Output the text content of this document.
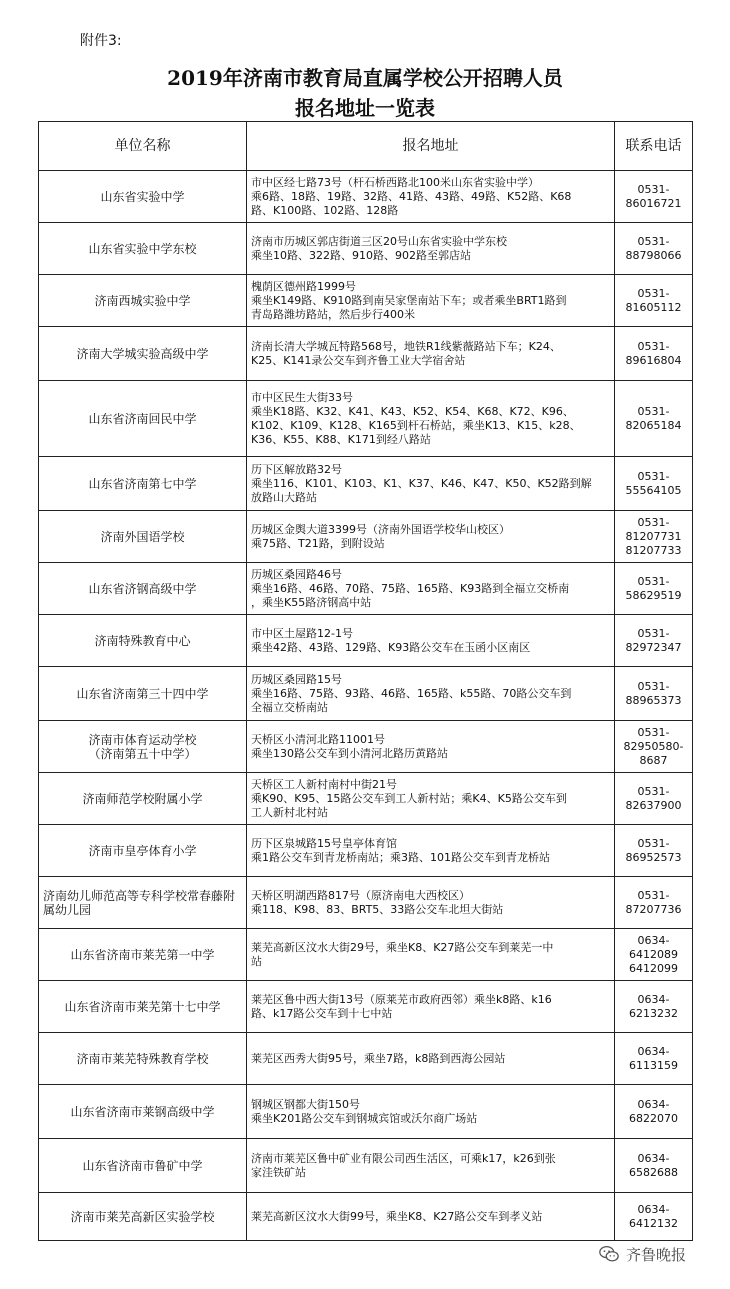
附件3:
2019年济南市教育局直属学校公开招聘人员
报名地址一览表
单位名称	报名地址	联系电话
山东省实验中学	市中区经七路73号（杆石桥西路北100米山东省实验中学）
乘6路、18路、19路、32路、41路、43路、49路、K52路、K68
路、K100路、102路、128路	0531-
86016721

山东省实验中学东校	济南市历城区郭店街道三区20号山东省实验中学东校
乘坐10路、322路、910路、902路至郭店站	0531-
88798066

济南西城实验中学	槐荫区德州路1999号
乘坐K149路、K910路到南吴家堡南站下车；或者乘坐BRT1路到
青岛路潍坊路站，然后步行400米	0531-
81605112

济南大学城实验高级中学	济南长清大学城瓦特路568号，地铁R1线紫薇路站下车；K24、
K25、K141录公交车到齐鲁工业大学宿舍站	0531-
89616804

山东省济南回民中学	市中区民生大街33号
乘坐K18路、K32、K41、K43、K52、K54、K68、K72、K96、
K102、K109、K128、K165到杆石桥站，乘坐K13、K15、k28、
K36、K55、K88、K171到经八路站	0531-
82065184

山东省济南第七中学	历下区解放路32号
乘坐116、K101、K103、K1、K37、K46、K47、K50、K52路到解
放路山大路站	0531-
55564105

济南外国语学校	历城区金舆大道3399号（济南外国语学校华山校区）
乘75路、T21路，到附设站	0531-
81207731
81207733

山东省济钢高级中学	历城区桑园路46号
乘坐16路、46路、70路、75路、165路、K93路到全福立交桥南
，乘坐K55路济钢高中站	0531-
58629519

济南特殊教育中心	市中区土屋路12-1号
乘坐42路、43路、129路、K93路公交车在玉函小区南区	0531-
82972347

山东省济南第三十四中学	历城区桑园路15号
乘坐16路、75路、93路、46路、165路、k55路、70路公交车到
全福立交桥南站	0531-
88965373

济南市体育运动学校
（济南第五十中学）	天桥区小清河北路11001号
乘坐130路公交车到小清河北路历黄路站	0531-
82950580-
8687

济南师范学校附属小学	天桥区工人新村南村中街21号
乘K90、K95、15路公交车到工人新村站；乘K4、K5路公交车到
工人新村北村站	0531-
82637900

济南市皇亭体育小学	历下区泉城路15号皇亭体育馆
乘1路公交车到青龙桥南站；乘3路、101路公交车到青龙桥站	0531-
86952573

济南幼儿师范高等专科学校常春藤附属幼儿园	天桥区明湖西路817号（原济南电大西校区）
乘118、K98、83、BRT5、33路公交车北坦大街站	0531-
87207736

山东省济南市莱芜第一中学	莱芜高新区汶水大街29号，乘坐K8、K27路公交车到莱芜一中
站	0634-
6412089
6412099

山东省济南市莱芜第十七中学	莱芜区鲁中西大街13号（原莱芜市政府西邻）乘坐k8路、k16
路、k17路公交车到十七中站	0634-
6213232

济南市莱芜特殊教育学校	莱芜区西秀大街95号，乘坐7路，k8路到西海公园站	0634-
6113159

山东省济南市莱钢高级中学	钢城区钢都大街150号
乘坐K201路公交车到钢城宾馆或沃尔商广场站	0634-
6822070

山东省济南市鲁矿中学	济南市莱芜区鲁中矿业有限公司西生活区，可乘k17，k26到张
家洼铁矿站	0634-
6582688

济南市莱芜高新区实验学校	莱芜高新区汶水大街99号，乘坐K8、K27路公交车到孝义站	0634-
6412132
齐鲁晚报
